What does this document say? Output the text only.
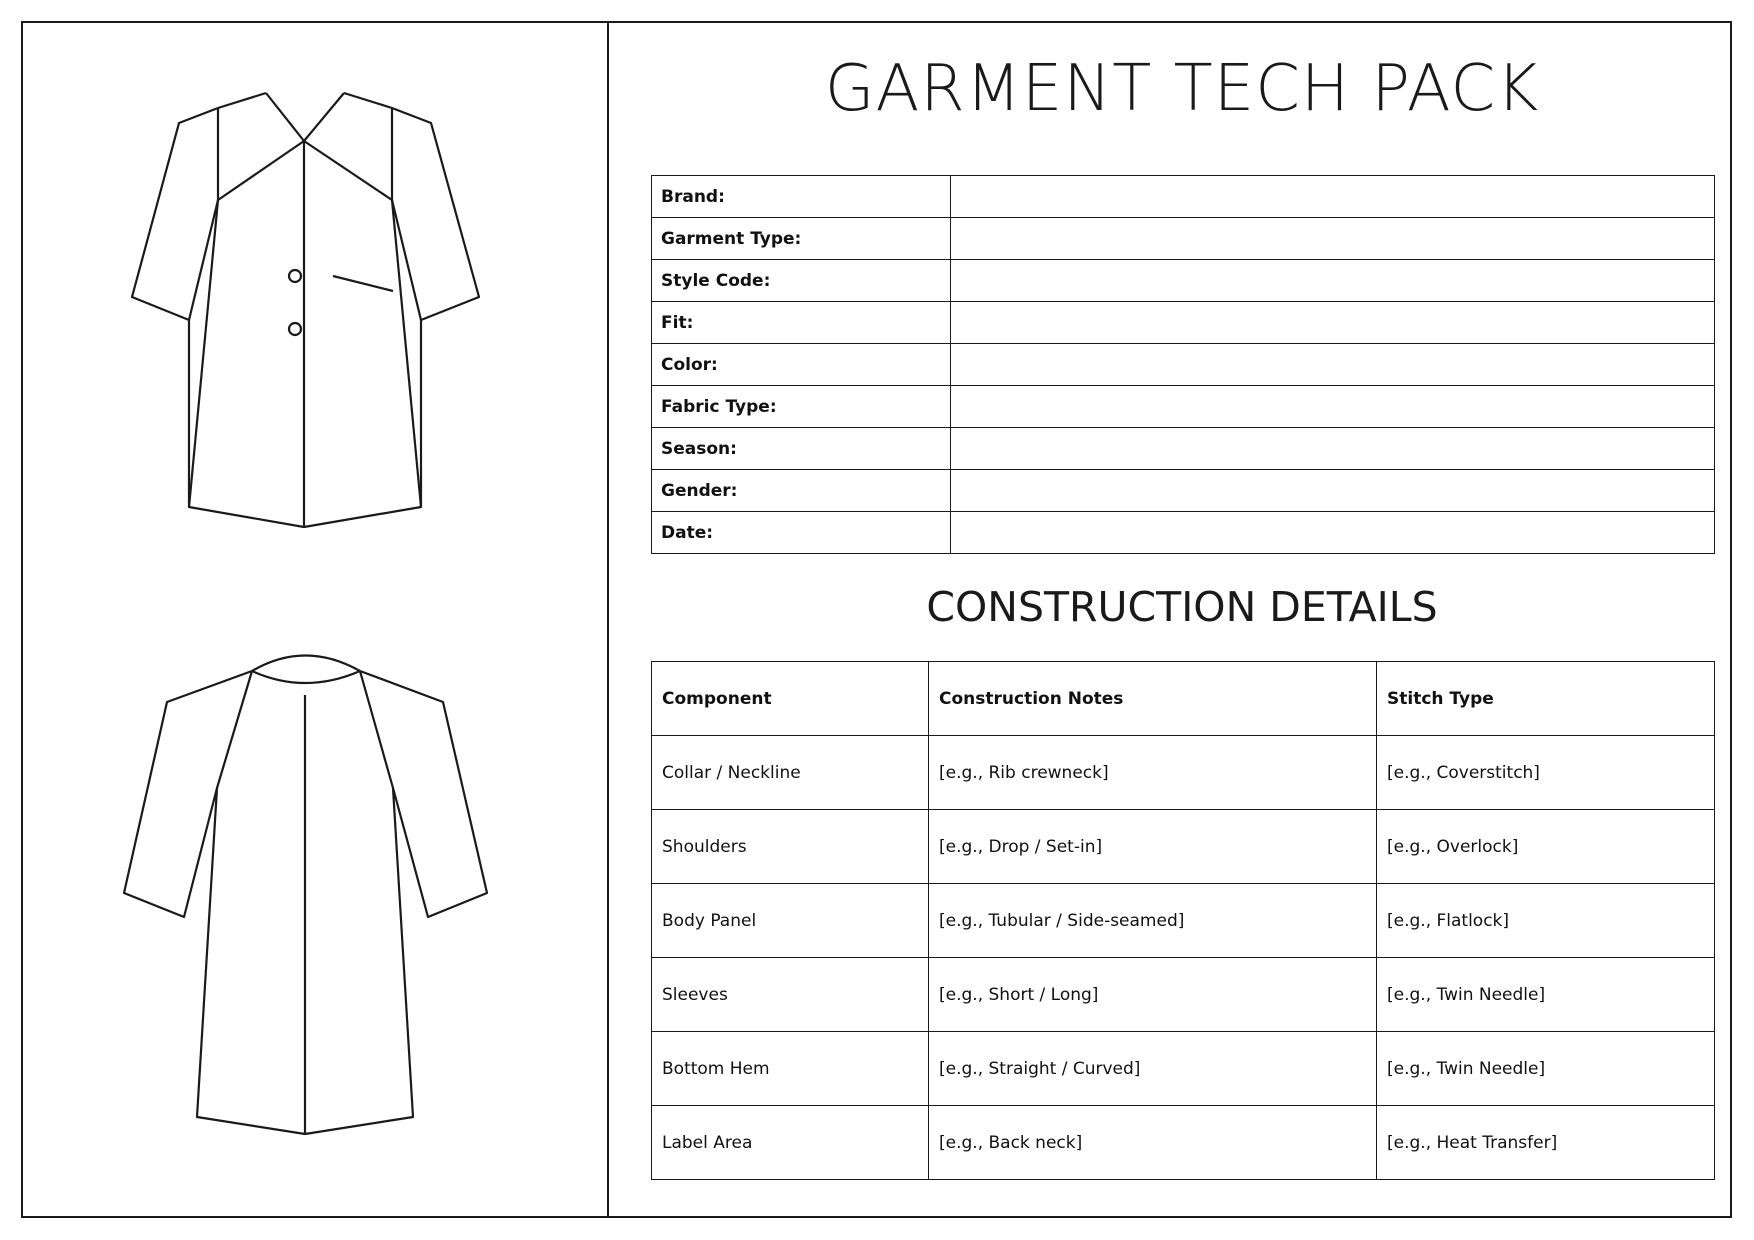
GARMENT TECH PACK
Brand:	
Garment Type:	
Style Code:	
Fit:	
Color:	
Fabric Type:	
Season:	
Gender:	
Date:	
CONSTRUCTION DETAILS
Component	Construction Notes	Stitch Type
Collar / Neckline	[e.g., Rib crewneck]	[e.g., Coverstitch]
Shoulders	[e.g., Drop / Set-in]	[e.g., Overlock]
Body Panel	[e.g., Tubular / Side-seamed]	[e.g., Flatlock]
Sleeves	[e.g., Short / Long]	[e.g., Twin Needle]
Bottom Hem	[e.g., Straight / Curved]	[e.g., Twin Needle]
Label Area	[e.g., Back neck]	[e.g., Heat Transfer]
